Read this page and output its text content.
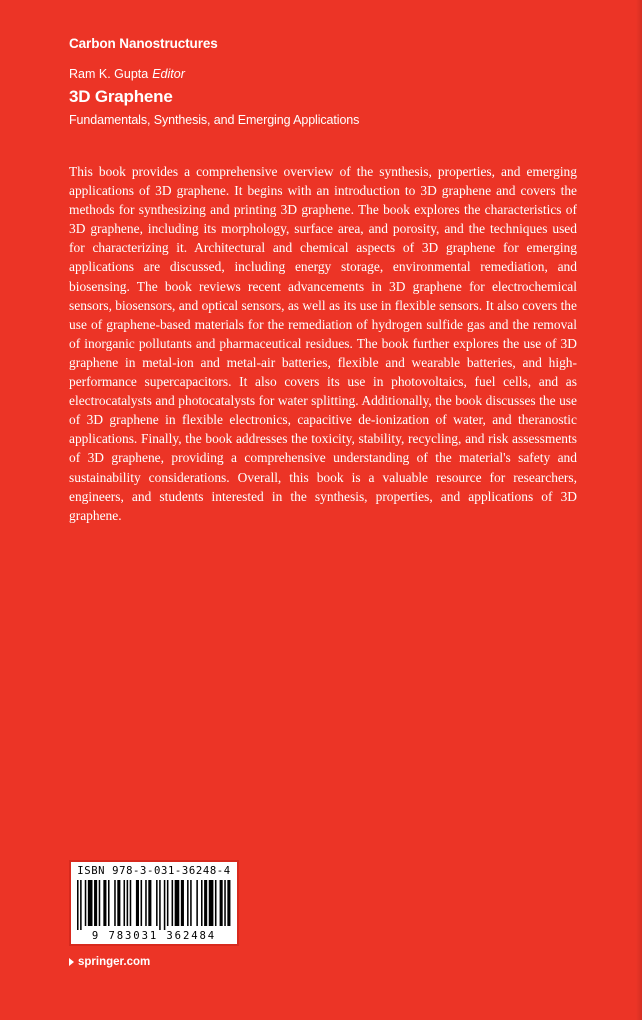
Carbon Nanostructures
Ram K. Gupta Editor
3D Graphene
Fundamentals, Synthesis, and Emerging Applications

This book provides a comprehensive overview of the synthesis, properties, and emerging applications of 3D graphene. It begins with an introduction to 3D graphene and covers the methods for synthesizing and printing 3D graphene. The book explores the characteristics of 3D graphene, including its morphology, surface area, and porosity, and the techniques used for characterizing it. Architectural and chemical aspects of 3D graphene for emerging applications are discussed, including energy storage, environmental remediation, and biosensing. The book reviews recent advancements in 3D graphene for electrochemical sensors, biosensors, and optical sensors, as well as its use in flexible sensors. It also covers the use of graphene-based materials for the remediation of hydrogen sulfide gas and the removal of inorganic pollutants and pharmaceutical residues. The book further explores the use of 3D graphene in metal-ion and metal-air batteries, flexible and wearable batteries, and high-performance supercapacitors. It also covers its use in photovoltaics, fuel cells, and as electrocatalysts and photocatalysts for water splitting. Additionally, the book discusses the use of 3D graphene in flexible electronics, capacitive de-ionization of water, and theranostic applications. Finally, the book addresses the toxicity, stability, recycling, and risk assessments of 3D graphene, providing a comprehensive understanding of the material's safety and sustainability considerations. Overall, this book is a valuable resource for researchers, engineers, and students interested in the synthesis, properties, and applications of 3D graphene.

ISBN 978-3-031-36248-4
9 783031 362484
springer.com
